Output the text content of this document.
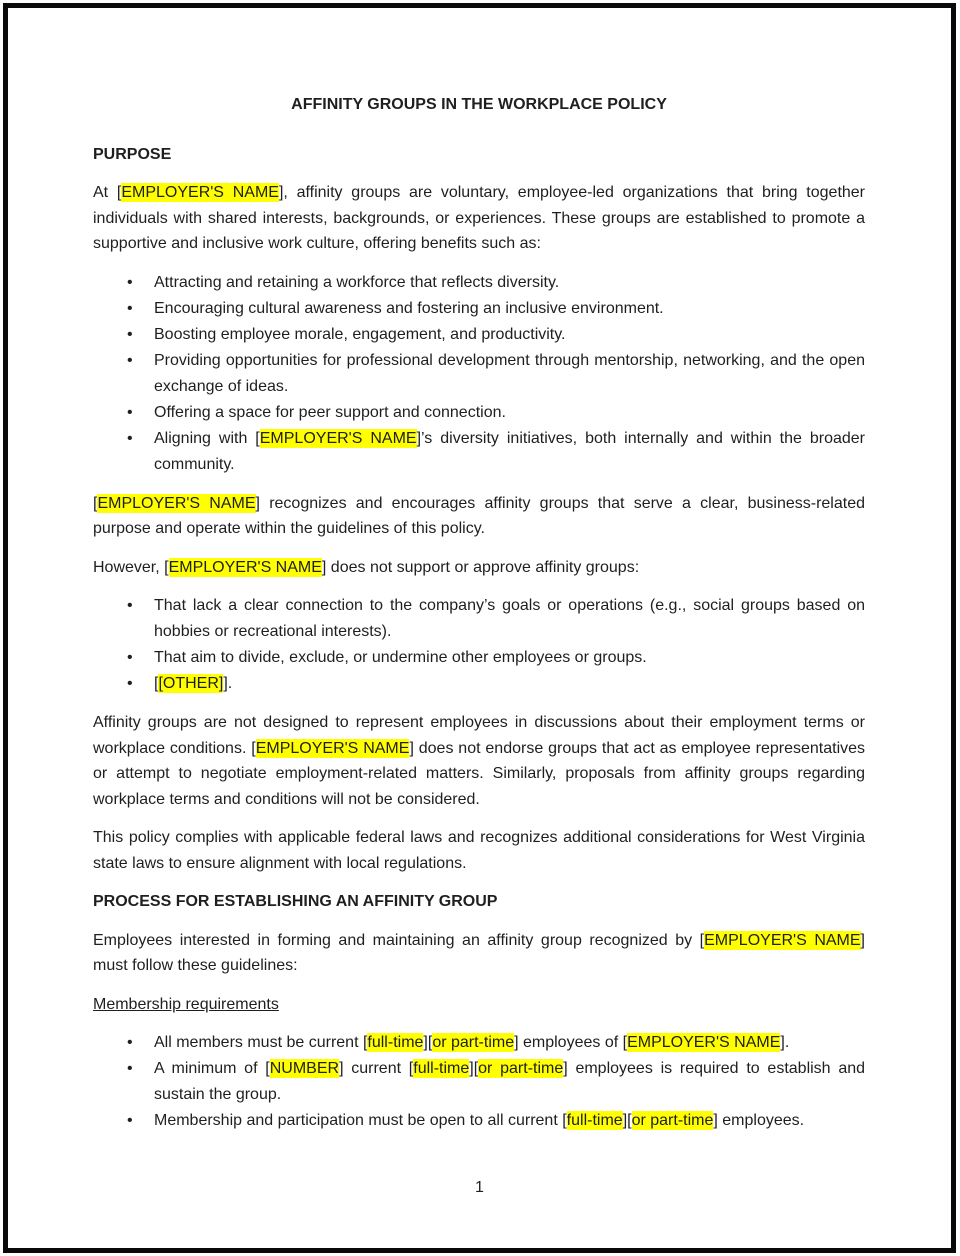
AFFINITY GROUPS IN THE WORKPLACE POLICY

PURPOSE

At [EMPLOYER'S NAME], affinity groups are voluntary, employee-led organizations that bring together individuals with shared interests, backgrounds, or experiences. These groups are established to promote a supportive and inclusive work culture, offering benefits such as:

• Attracting and retaining a workforce that reflects diversity.
• Encouraging cultural awareness and fostering an inclusive environment.
• Boosting employee morale, engagement, and productivity.
• Providing opportunities for professional development through mentorship, networking, and the open exchange of ideas.
• Offering a space for peer support and connection.
• Aligning with [EMPLOYER'S NAME]’s diversity initiatives, both internally and within the broader community.

[EMPLOYER'S NAME] recognizes and encourages affinity groups that serve a clear, business-related purpose and operate within the guidelines of this policy.

However, [EMPLOYER'S NAME] does not support or approve affinity groups:

• That lack a clear connection to the company’s goals or operations (e.g., social groups based on hobbies or recreational interests).
• That aim to divide, exclude, or undermine other employees or groups.
• [[OTHER]].

Affinity groups are not designed to represent employees in discussions about their employment terms or workplace conditions. [EMPLOYER'S NAME] does not endorse groups that act as employee representatives or attempt to negotiate employment-related matters. Similarly, proposals from affinity groups regarding workplace terms and conditions will not be considered.

This policy complies with applicable federal laws and recognizes additional considerations for West Virginia state laws to ensure alignment with local regulations.

PROCESS FOR ESTABLISHING AN AFFINITY GROUP

Employees interested in forming and maintaining an affinity group recognized by [EMPLOYER'S NAME] must follow these guidelines:

Membership requirements

• All members must be current [full-time][or part-time] employees of [EMPLOYER'S NAME].
• A minimum of [NUMBER] current [full-time][or part-time] employees is required to establish and sustain the group.
• Membership and participation must be open to all current [full-time][or part-time] employees.
1
